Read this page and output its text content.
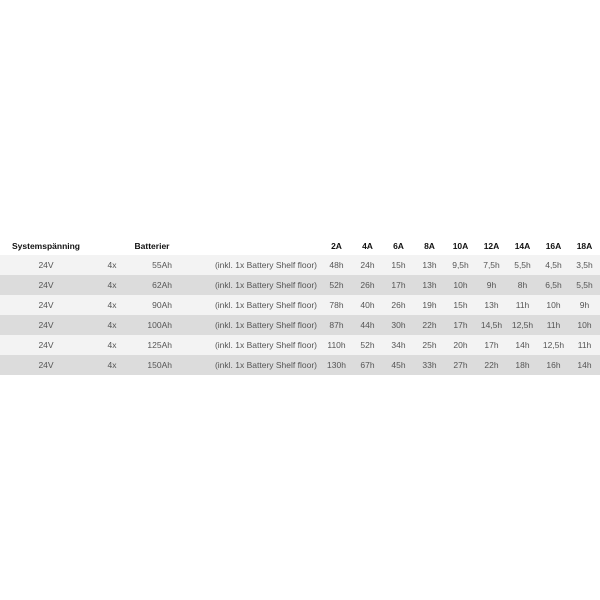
Systemspänning		Batterier		2A	4A	6A	8A	10A	12A	14A	16A	18A
24V	4x	55Ah	(inkl. 1x Battery Shelf floor)	48h	24h	15h	13h	9,5h	7,5h	5,5h	4,5h	3,5h
24V	4x	62Ah	(inkl. 1x Battery Shelf floor)	52h	26h	17h	13h	10h	9h	8h	6,5h	5,5h
24V	4x	90Ah	(inkl. 1x Battery Shelf floor)	78h	40h	26h	19h	15h	13h	11h	10h	9h
24V	4x	100Ah	(inkl. 1x Battery Shelf floor)	87h	44h	30h	22h	17h	14,5h	12,5h	11h	10h
24V	4x	125Ah	(inkl. 1x Battery Shelf floor)	110h	52h	34h	25h	20h	17h	14h	12,5h	11h
24V	4x	150Ah	(inkl. 1x Battery Shelf floor)	130h	67h	45h	33h	27h	22h	18h	16h	14h
